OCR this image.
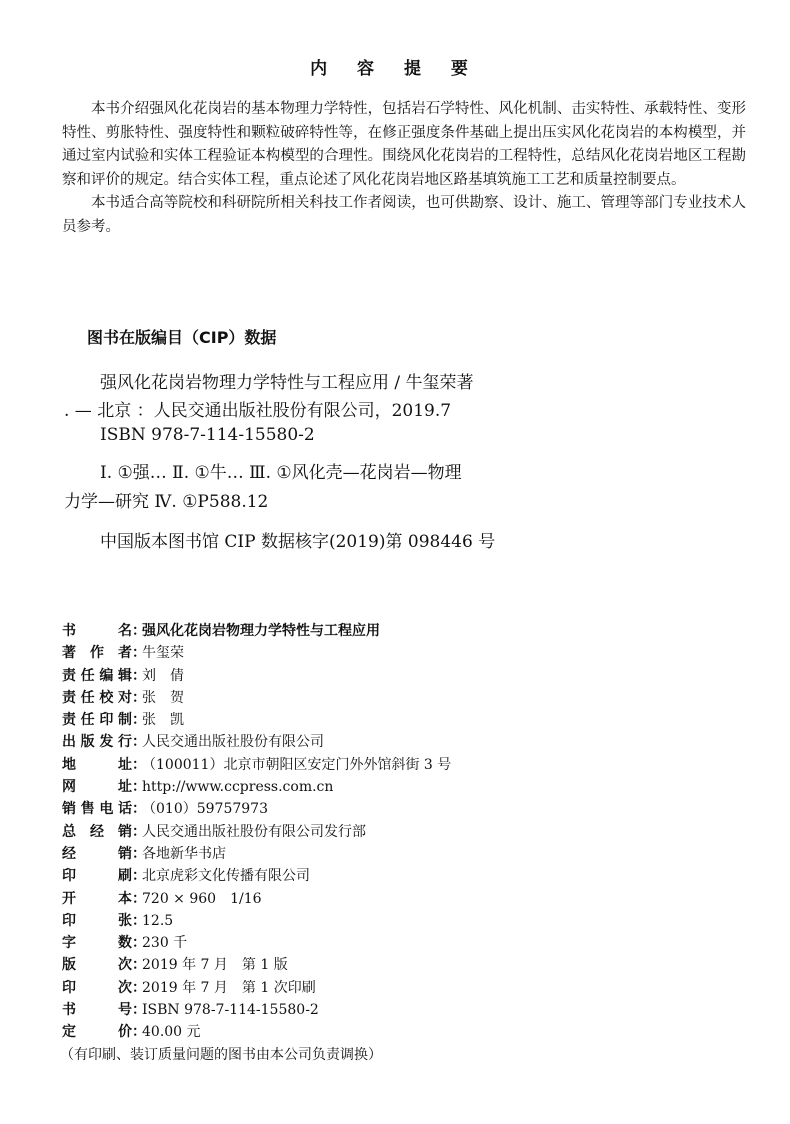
内 容 提 要

本书介绍强风化花岗岩的基本物理力学特性，包括岩石学特性、风化机制、击实特性、承载特性、变形特性、剪胀特性、强度特性和颗粒破碎特性等，在修正强度条件基础上提出压实风化花岗岩的本构模型，并通过室内试验和实体工程验证本构模型的合理性。围绕风化花岗岩的工程特性，总结风化花岗岩地区工程勘察和评价的规定。结合实体工程，重点论述了风化花岗岩地区路基填筑施工工艺和质量控制要点。

本书适合高等院校和科研院所相关科技工作者阅读，也可供勘察、设计、施工、管理等部门专业技术人员参考。

图书在版编目（CIP）数据
强风化花岗岩物理力学特性与工程应用 / 牛玺荣著
. — 北京 ：人民交通出版社股份有限公司，2019.7
ISBN 978-7-114-15580-2
Ⅰ. ①强… Ⅱ. ①牛… Ⅲ. ①风化壳—花岗岩—物理
力学—研究 Ⅳ. ①P588.12
中国版本图书馆 CIP 数据核字(2019)第 098446 号
书	名 ：
强风化花岗岩物理力学特性与工程应用
著 作 者 ：
牛玺荣
责 任 编 辑 ：
刘　倩
责 任 校 对 ：
张　贺
责 任 印 制 ：
张　凯
出 版 发 行 ：
人民交通出版社股份有限公司
地	址 ：
（100011）北京市朝阳区安定门外外馆斜街 3 号
网	址 ：
http://www.ccpress.com.cn
销 售 电 话 ：
（010）59757973
总 经 销 ：
人民交通出版社股份有限公司发行部
经	销 ：
各地新华书店
印	刷 ：
北京虎彩文化传播有限公司
开	本 ：
720 × 960　1/16
印	张 ：
12.5
字	数 ：
230 千
版	次 ：
2019 年 7 月　第 1 版
印	次 ：
2019 年 7 月　第 1 次印刷
书	号 ：
ISBN 978-7-114-15580-2
定	价 ：
40.00 元
（有印刷、装订质量问题的图书由本公司负责调换）
